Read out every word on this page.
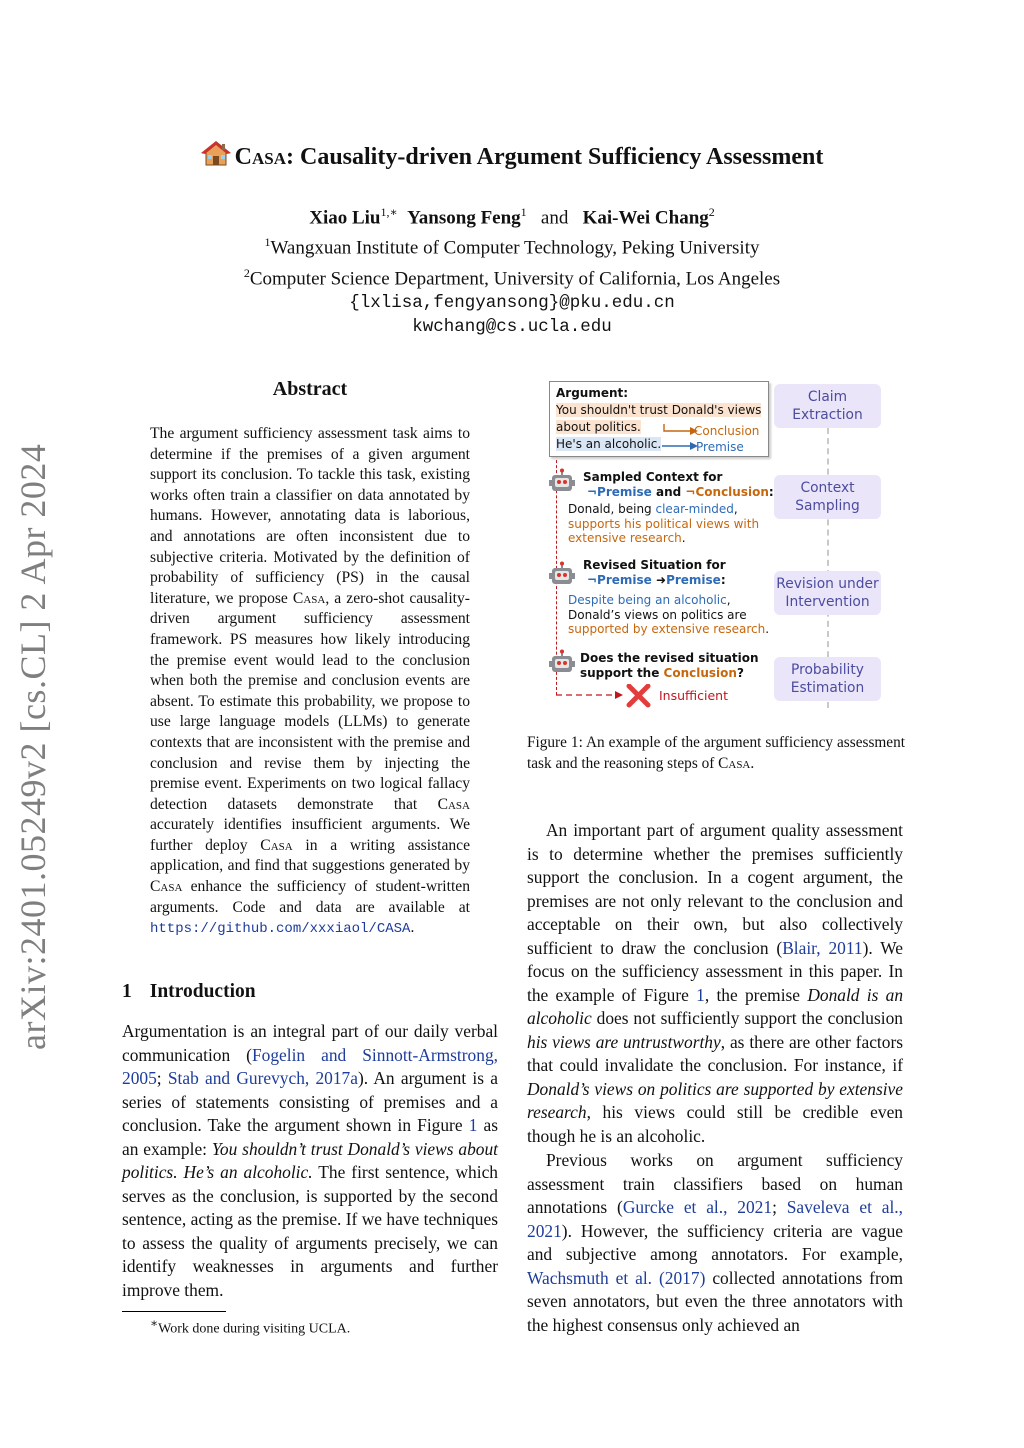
Casa: Causality-driven Argument Sufficiency Assessment
Xiao Liu$^{1,∗}$ Yansong Feng$^1$ and Kai-Wei Chang$^2$
$^1$Wangxuan Institute of Computer Technology, Peking University
$^2$Computer Science Department, University of California, Los Angeles
{lxlisa,fengyansong}@pku.edu.cn
kwchang@cs.ucla.edu
arXiv:2401.05249v2 [cs.CL] 2 Apr 2024
Abstract
The argument sufficiency assessment task aims to determine if the premises of a given argument support its conclusion. To tackle this task, existing works often train a classifier on data annotated by humans. However, annotating data is laborious, and annotations are often inconsistent due to subjective criteria. Motivated by the definition of probability of sufficiency (PS) in the causal literature, we propose Casa, a zero-shot causality-driven argument sufficiency assessment framework. PS measures how likely introducing the premise event would lead to the conclusion when both the premise and conclusion events are absent. To estimate this probability, we propose to use large language models (LLMs) to generate contexts that are inconsistent with the premise and conclusion and revise them by injecting the premise event. Experiments on two logical fallacy detection datasets demonstrate that Casa accurately identifies insufficient arguments. We further deploy Casa in a writing assistance application, and find that suggestions generated by Casa enhance the sufficiency of student-written arguments. Code and data are available at https://github.com/xxxiaol/CASA.
1 Introduction
Argumentation is an integral part of our daily verbal communication (Fogelin and Sinnott-Armstrong, 2005; Stab and Gurevych, 2017a). An argument is a series of statements consisting of premises and a conclusion. Take the argument shown in Figure 1 as an example: You shouldn’t trust Donald’s views about politics. He’s an alcoholic. The first sentence, which serves as the conclusion, is supported by the second sentence, acting as the premise. If we have techniques to assess the quality of arguments precisely, we can identify weaknesses in arguments and further improve them.
∗Work done during visiting UCLA.
Claim Extraction
Context Sampling
Revision under Intervention
Probability Estimation
Argument:
You shouldn't trust Donald's views
about politics.
He's an alcoholic.
Conclusion
Premise
Sampled Context for
¬Premise and ¬Conclusion:
Donald, being clear-minded,
supports his political views with extensive research.
Revised Situation for
¬Premise ➜Premise:
Despite being an alcoholic,
Donald’s views on politics are
supported by extensive research.
Does the revised situation
support the Conclusion?
Insufficient
Figure 1: An example of the argument sufficiency assessment task and the reasoning steps of Casa.
An important part of argument quality assessment is to determine whether the premises sufficiently support the conclusion. In a cogent argument, the premises are not only relevant to the conclusion and acceptable on their own, but also collectively sufficient to draw the conclusion (Blair, 2011). We focus on the sufficiency assessment in this paper. In the example of Figure 1, the premise Donald is an alcoholic does not sufficiently support the conclusion his views are untrustworthy, as there are other factors that could invalidate the conclusion. For instance, if Donald’s views on politics are supported by extensive research, his views could still be credible even though he is an alcoholic.
Previous works on argument sufficiency assessment train classifiers based on human annotations (Gurcke et al., 2021; Saveleva et al., 2021). However, the sufficiency criteria are vague and subjective among annotators. For example, Wachsmuth et al. (2017) collected annotations from seven annotators, but even the three annotators with the highest consensus only achieved an
